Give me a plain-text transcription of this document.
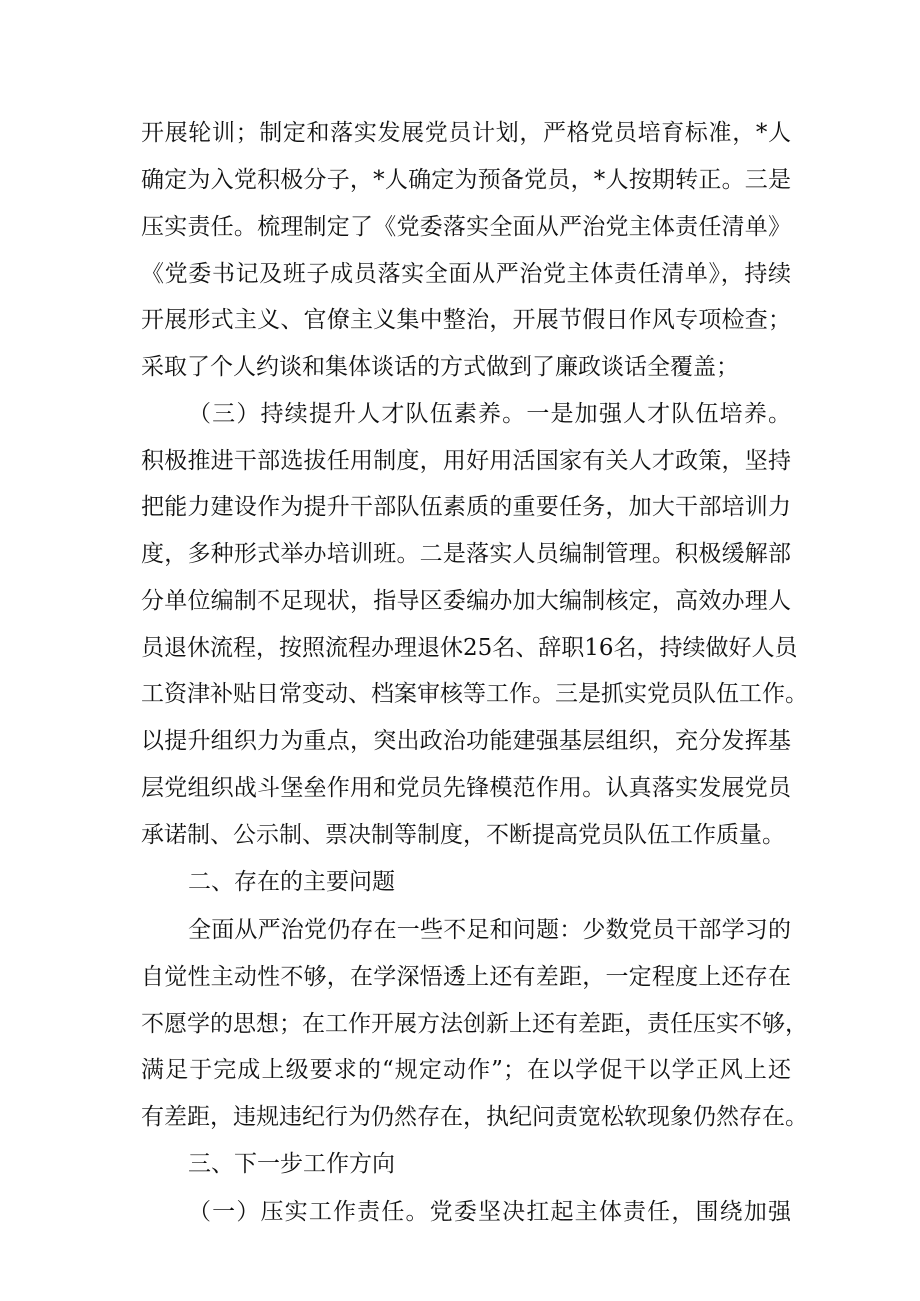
开展轮训；制定和落实发展党员计划，严格党员培育标准，*人
确定为入党积极分子，*人确定为预备党员，*人按期转正。三是
压实责任。梳理制定了《党委落实全面从严治党主体责任清单》
《党委书记及班子成员落实全面从严治党主体责任清单》，持续
开展形式主义、官僚主义集中整治，开展节假日作风专项检查；
采取了个人约谈和集体谈话的方式做到了廉政谈话全覆盖；
（三）持续提升人才队伍素养。一是加强人才队伍培养。
积极推进干部选拔任用制度，用好用活国家有关人才政策，坚持
把能力建设作为提升干部队伍素质的重要任务，加大干部培训力
度，多种形式举办培训班。二是落实人员编制管理。积极缓解部
分单位编制不足现状，指导区委编办加大编制核定，高效办理人
员退休流程，按照流程办理退休25名、辞职16名，持续做好人员
工资津补贴日常变动、档案审核等工作。三是抓实党员队伍工作。
以提升组织力为重点，突出政治功能建强基层组织，充分发挥基
层党组织战斗堡垒作用和党员先锋模范作用。认真落实发展党员
承诺制、公示制、票决制等制度，不断提高党员队伍工作质量。
二、存在的主要问题
全面从严治党仍存在一些不足和问题：少数党员干部学习的
自觉性主动性不够，在学深悟透上还有差距，一定程度上还存在
不愿学的思想；在工作开展方法创新上还有差距，责任压实不够，
满足于完成上级要求的“规定动作”；在以学促干以学正风上还
有差距，违规违纪行为仍然存在，执纪问责宽松软现象仍然存在。
三、下一步工作方向
（一）压实工作责任。党委坚决扛起主体责任，围绕加强
